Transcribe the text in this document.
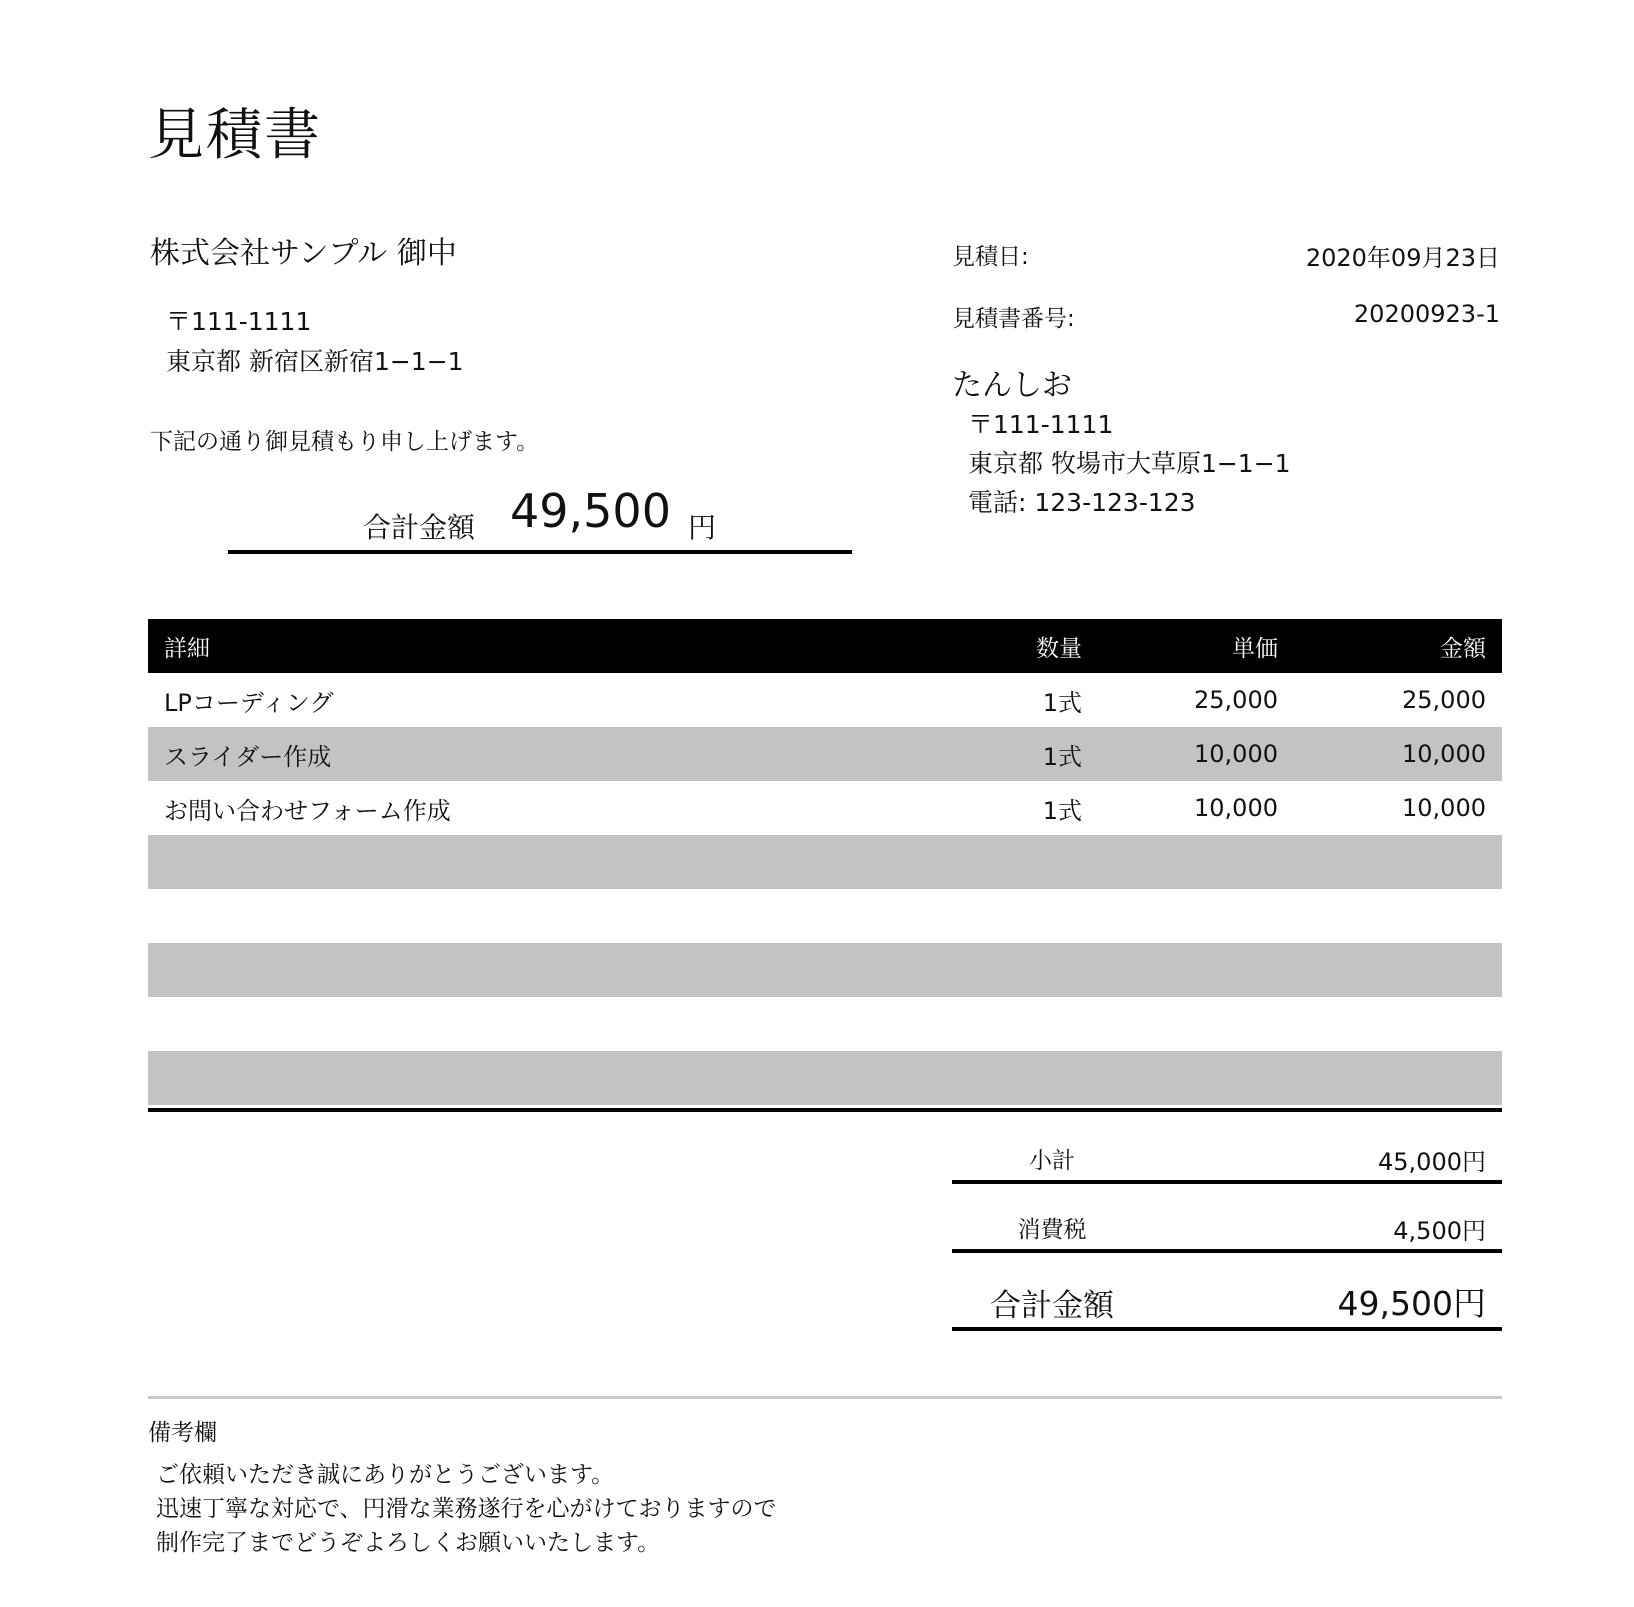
見積書
株式会社サンプル 御中
〒111-1111
東京都 新宿区新宿1−1−1
下記の通り御見積もり申し上げます。
合計金額 49,500 円
見積日:	2020年09月23日
見積書番号:	20200923-1
たんしお
〒111-1111
東京都 牧場市大草原1−1−1
電話: 123-123-123
詳細	数量	単価	金額
LPコーディング	1式	25,000	25,000
スライダー作成	1式	10,000	10,000
お問い合わせフォーム作成	1式	10,000	10,000

小計	45,000円
消費税	4,500円
合計金額	49,500円
備考欄
ご依頼いただき誠にありがとうございます。
迅速丁寧な対応で、円滑な業務遂行を心がけておりますので
制作完了までどうぞよろしくお願いいたします。
